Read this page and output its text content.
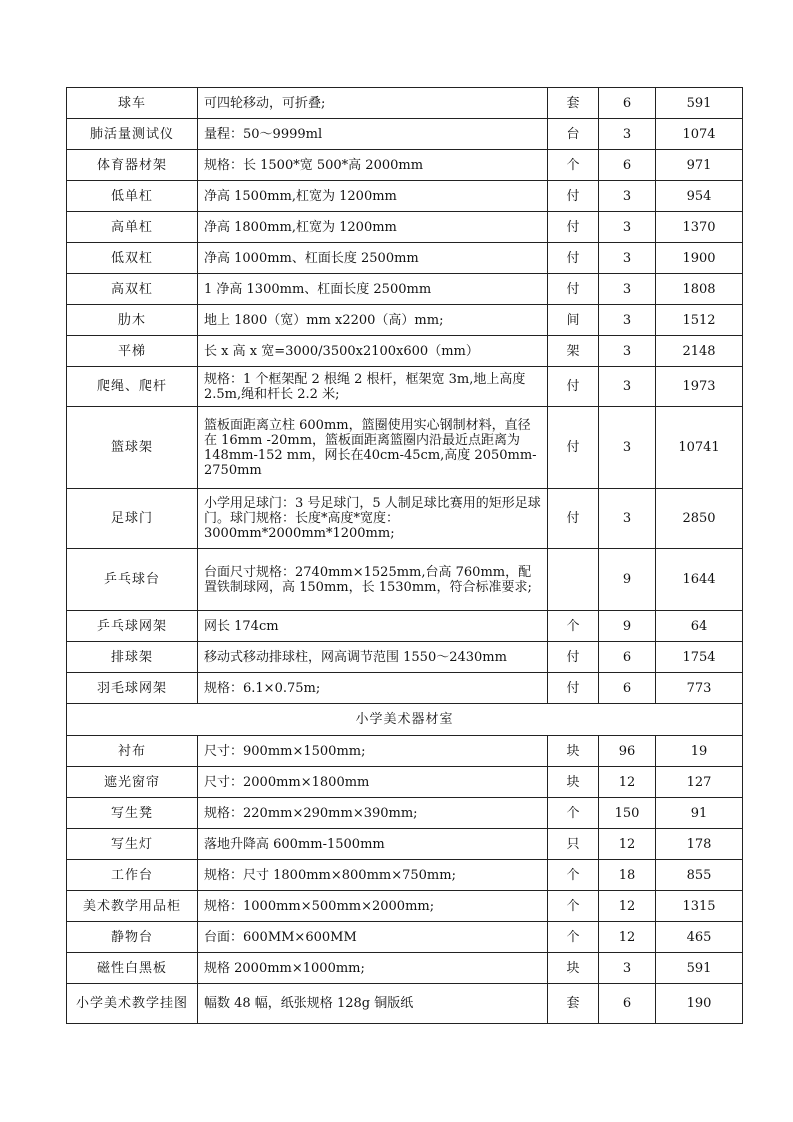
球车	可四轮移动，可折叠;	套	6	591
肺活量测试仪	量程：50～9999ml	台	3	1074
体育器材架	规格：长 1500*宽 500*高 2000mm	个	6	971
低单杠	净高 1500mm,杠宽为 1200mm	付	3	954
高单杠	净高 1800mm,杠宽为 1200mm	付	3	1370
低双杠	净高 1000mm、杠面长度 2500mm	付	3	1900
高双杠	1 净高 1300mm、杠面长度 2500mm	付	3	1808
肋木	地上 1800（宽）mm x2200（高）mm;	间	3	1512
平梯	长 x 高 x 宽=3000/3500x2100x600（mm）	架	3	2148
爬绳、爬杆	规格：1 个框架配 2 根绳 2 根杆，框架宽 3m,地上高度 2.5m,绳和杆长 2.2 米;	付	3	1973
篮球架	篮板面距离立柱 600mm，篮圈使用实心钢制材料，直径在 16mm -20mm，篮板面距离篮圈内沿最近点距离为 148mm-152 mm，网长在40cm-45cm,高度 2050mm-2750mm	付	3	10741
足球门	小学用足球门：3 号足球门，5 人制足球比赛用的矩形足球门。球门规格：长度*高度*宽度：3000mm*2000mm*1200mm;	付	3	2850
乒乓球台	台面尺寸规格：2740mm×1525mm,台高 760mm，配置铁制球网，高 150mm，长 1530mm，符合标准要求;		9	1644
乒乓球网架	网长 174cm	个	9	64
排球架	移动式移动排球柱，网高调节范围 1550～2430mm	付	6	1754
羽毛球网架	规格：6.1×0.75m;	付	6	773
小学美术器材室				
衬布	尺寸：900mm×1500mm;	块	96	19
遮光窗帘	尺寸：2000mm×1800mm	块	12	127
写生凳	规格：220mm×290mm×390mm;	个	150	91
写生灯	落地升降高 600mm-1500mm	只	12	178
工作台	规格：尺寸 1800mm×800mm×750mm;	个	18	855
美术教学用品柜	规格：1000mm×500mm×2000mm;	个	12	1315
静物台	台面：600MM×600MM	个	12	465
磁性白黑板	规格 2000mm×1000mm;	块	3	591
小学美术教学挂图	幅数 48 幅，纸张规格 128g 铜版纸	套	6	190
